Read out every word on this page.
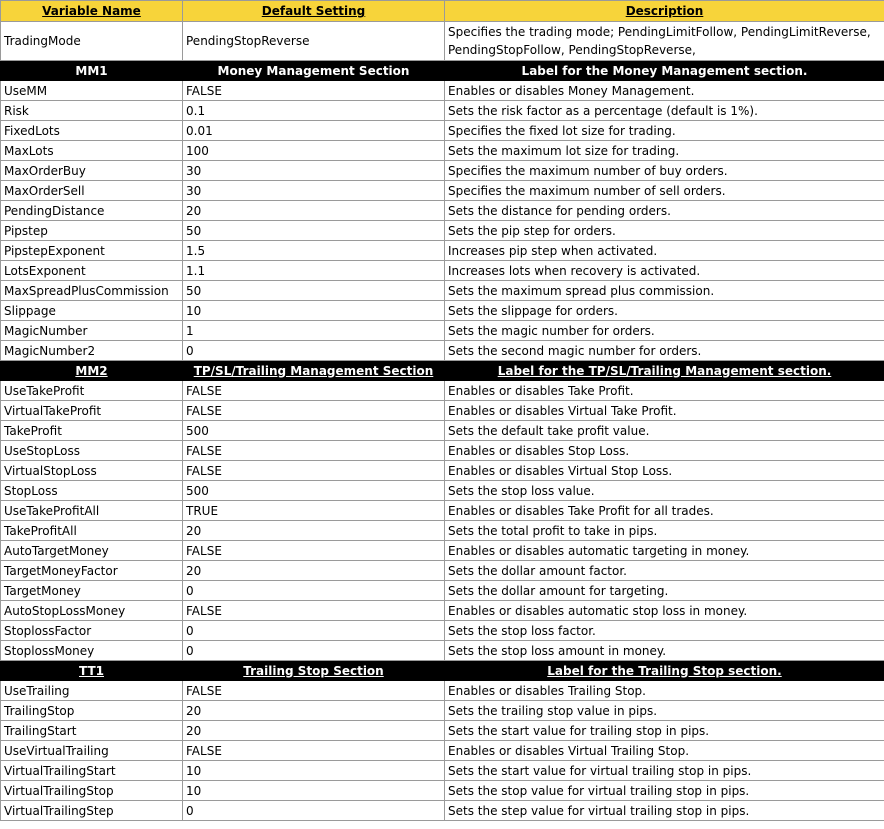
Variable Name	Default Setting	Description
TradingMode	PendingStopReverse	Specifies the trading mode; PendingLimitFollow, PendingLimitReverse, PendingStopFollow, PendingStopReverse,
MM1	Money Management Section	Label for the Money Management section.
UseMM	FALSE	Enables or disables Money Management.
Risk	0.1	Sets the risk factor as a percentage (default is 1%).
FixedLots	0.01	Specifies the fixed lot size for trading.
MaxLots	100	Sets the maximum lot size for trading.
MaxOrderBuy	30	Specifies the maximum number of buy orders.
MaxOrderSell	30	Specifies the maximum number of sell orders.
PendingDistance	20	Sets the distance for pending orders.
Pipstep	50	Sets the pip step for orders.
PipstepExponent	1.5	Increases pip step when activated.
LotsExponent	1.1	Increases lots when recovery is activated.
MaxSpreadPlusCommission	50	Sets the maximum spread plus commission.
Slippage	10	Sets the slippage for orders.
MagicNumber	1	Sets the magic number for orders.
MagicNumber2	0	Sets the second magic number for orders.
MM2	TP/SL/Trailing Management Section	Label for the TP/SL/Trailing Management section.
UseTakeProfit	FALSE	Enables or disables Take Profit.
VirtualTakeProfit	FALSE	Enables or disables Virtual Take Profit.
TakeProfit	500	Sets the default take profit value.
UseStopLoss	FALSE	Enables or disables Stop Loss.
VirtualStopLoss	FALSE	Enables or disables Virtual Stop Loss.
StopLoss	500	Sets the stop loss value.
UseTakeProfitAll	TRUE	Enables or disables Take Profit for all trades.
TakeProfitAll	20	Sets the total profit to take in pips.
AutoTargetMoney	FALSE	Enables or disables automatic targeting in money.
TargetMoneyFactor	20	Sets the dollar amount factor.
TargetMoney	0	Sets the dollar amount for targeting.
AutoStopLossMoney	FALSE	Enables or disables automatic stop loss in money.
StoplossFactor	0	Sets the stop loss factor.
StoplossMoney	0	Sets the stop loss amount in money.
TT1	Trailing Stop Section	Label for the Trailing Stop section.
UseTrailing	FALSE	Enables or disables Trailing Stop.
TrailingStop	20	Sets the trailing stop value in pips.
TrailingStart	20	Sets the start value for trailing stop in pips.
UseVirtualTrailing	FALSE	Enables or disables Virtual Trailing Stop.
VirtualTrailingStart	10	Sets the start value for virtual trailing stop in pips.
VirtualTrailingStop	10	Sets the stop value for virtual trailing stop in pips.
VirtualTrailingStep	0	Sets the step value for virtual trailing stop in pips.
